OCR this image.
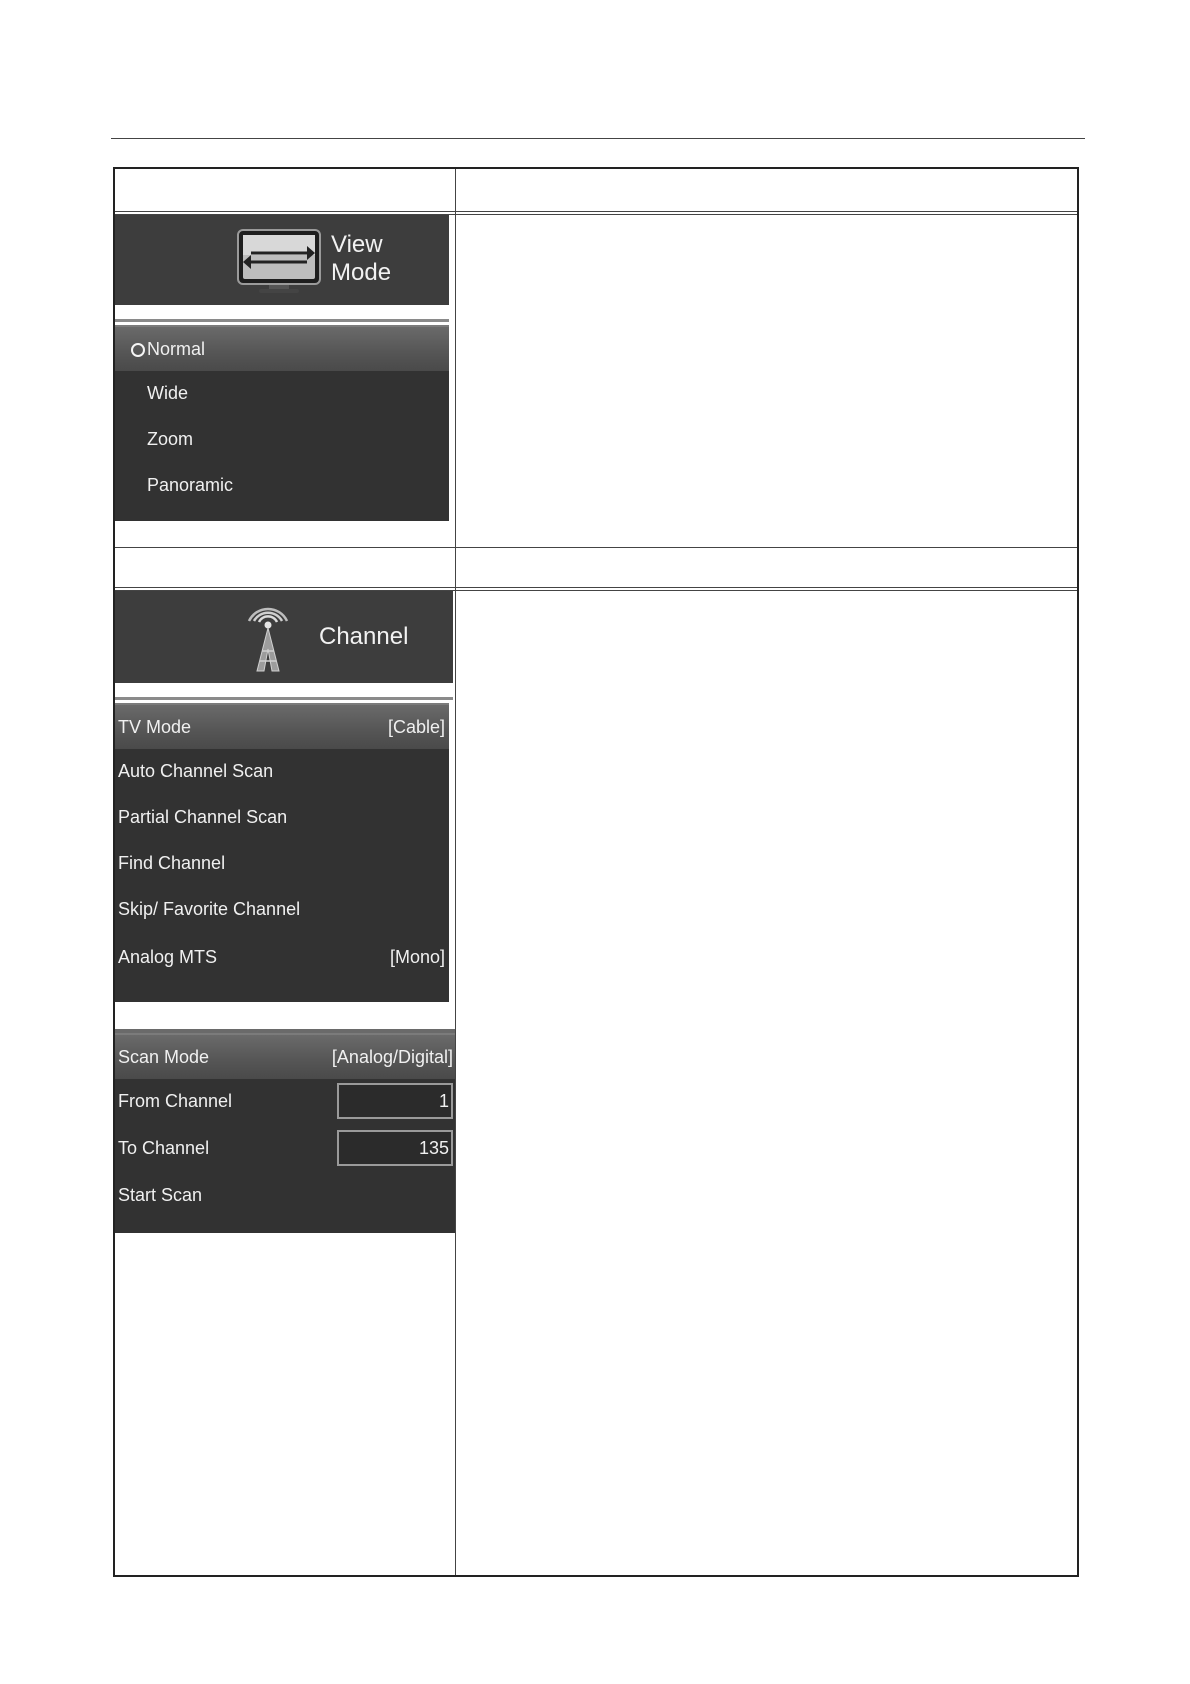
View
Mode
Normal
Wide
Zoom
Panoramic
Channel
TV Mode	[Cable]
Auto Channel Scan
Partial Channel Scan
Find Channel
Skip/ Favorite Channel
Analog MTS	[Mono]
Scan Mode	[Analog/Digital]
From Channel	1
To Channel	135
Start Scan
